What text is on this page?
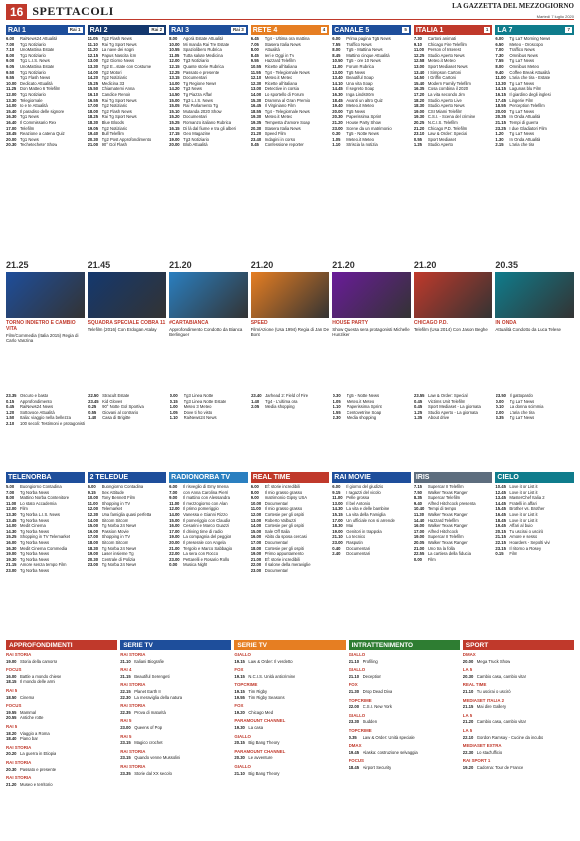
16 SPETTACOLI	LA GAZZETTA DEL MEZZOGIORNO
Martedì 7 luglio 2020
RAI 1	Rai 1
6.00	RaiNews24 Attualità
7.00	Tg1 Notiziario
7.10	UnoMattina Estate
8.00	Tg1 Notiziario
9.00	Tg1 L.I.S. News
9.05	UnoMattina Estate
9.50	Tg1 Notiziario
9.55	Tg1 Flash News
10.00 Dedicato Attualità
11.25 Don Matteo 6 Telefilm
12.00 Tg1 Notiziario
13.30 Telegiornale
14.00 Io e te Attualità
15.40 Il paradiso delle signore
16.30 Tg1 News
16.40 Il Commissario Rex
17.00 Telefilm
18.45 Reazione a catena Quiz
20.00 Tg1 News
20.30 Techetechete' Show
RAI 2	Rai 2
11.05 Tg2 Flash News
11.10 Rai Tg Sport News
11.20 La nave dei sogni
12.15 Papus Nascita lcm
13.00 Tg2 Giorno News
13.30 Tg2 E...state con Costume
14.00 Tg2 Motori
14.20 Tg2 Notiziario
15.25 Medicina 33
15.50 Chiamatemi Anna
16.10 Candice Renoir
16.55 Rai Tg Sport News
17.00 Tg2 Notiziario
18.00 Tg2 Flash News
18.25 Rai Tg Sport News
18.30 Blue Bloods
19.05 Tg2 Notiziario
19.40 Bull Telefilm
20.30 Tg2 Post Approfondimento
21.00 90° Gol Flash
RAI 3	Rai 3
8.00	Agorà Estate Attualità
10.00 Mi manda Rai Tre Estate
10.55 Spaziolibero Rubrica
11.05 Tutta salute Medicina
12.00 Tg3 Notiziario
12.15 Quante storie Rubrica
12.25 Passato e presente
13.15 Documentari
14.00 Tg Regione News
14.20 Tg3 News
14.50 Tg Piazza Affari
15.00 Tg3 L.I.S. News
15.05 Rai Parlamento Tg
15.10 Mutanda 2020 Show
15.20 Documentari
15.25 Romanzo italiano Rubrica
16.15 Di là dal fiume e tra gli alberi
17.15 Geo Magazine
19.00 Tg3 Notiziario
20.00 Blob Attualità
RETE 4	4
6.45	Tg4 - Ultima ora mattina
7.05	Stasera Italia News
8.00	Attualità
8.45	Ieri e Oggi in Tv
9.55	Hazzard Telefilm
10.55 Ricette all'italiana
11.55 Tg4 - Telegiornale News
12.10 Meteo.it Meteo
12.30 Ricette all'italiana
13.00 Detective in corsia
14.00 Lo sportello di Forum
15.30 Dramma al Gran Premio
16.45 Il Virginiano Film
18.55 Tg4 - Telegiornale News
19.30 Meteo.it Meteo
19.35 Tempesta d'amore Soap
20.30 Stasera Italia News
21.20 Speed Film
23.40 Indagini in corso
0.45	Confessione reporter
CANALE 5	5
6.00	Prima pagina Tg5 News
7.55	Traffico News
8.00	Tg5 - Mattina News
8.45	Mattino cinque Attualità
10.50 Tg5 - ore 10 News
11.00 Forum Rubrica
13.00 Tg5 News
13.40 Beautiful Soap
14.10 Una vita Soap
14.45 Il segreto Soap
16.30 Inga Lindström
18.45 Avanti un altro Quiz
19.40 Meteo.it Meteo
20.00 Tg5 News
20.30 Paperissima Sprint
21.20 House Party Show
23.00 Scene da un matrimonio
0.30	Tg5 - Notte News
1.05	Meteo.it Meteo
1.10	Striscia la notizia
ITALIA 1	1
7.30	Cartoni animati
9.10	Chicago Fire Telefilm
11.00 Person of Interest
12.25 Studio Aperto News
12.58 Meteo.it Meteo
13.00 Sport Mediaset News
13.40 I Simpson Cartoni
14.50 I Griffin Cartoni
15.40 Modern Family Telefilm
16.35 Cosa combina il 2020
17.20 La vita secondo Jim
18.20 Studio Aperto Live
18.30 Studio Aperto News
19.00 CSI Miami Telefilm
19.30 C.S.I. - Scena del crimine
20.25 N.C.I.S. Telefilm
21.20 Chicago P.D. Telefilm
23.10 Law & Order: Special
0.55	Sport Mediaset
1.25	Studio Aperto
LA 7	7
6.00	Tg La7 Morning News
6.50	Meteo - Oroscopo
7.00	Traffico News
7.30	Omnibus News
7.55	Tg La7 News
8.00	Omnibus Meteo
9.40	Coffee Break Attualità
11.00 L'aria che tira - Estate
13.30 Tg La7 News
14.15 Lagunas blu Film
16.15 Il giardino degli inglesi
17.45 Lingerie Film
18.55 Perception Telefilm
20.00 Tg La7 News
20.35 In Onda Attualità
21.15 Tempi di guerra
23.25 I due Gladiatori Film
1.20	Tg La7 News
1.30	In Onda Attualità
2.15	L'aria che tira
21.25
TORNO INDIETRO E CAMBIO VITA
Film/Commedia (Italia 2015) Regia di Carlo Vanzina
21.45
SQUADRA SPECIALE COBRA 11
Telefilm (2016) Con Erdogan Atalay
21.20
#CARTABIANCA
Approfondimento Condotto da Bianca Berlinguer
21.20
SPEED
Film/Azione (Usa 1994) Regia di Jan De Bont
21.20
HOUSE PARTY
Show Questa sera protagonisti Michelle Hunziker
21.20
CHICAGO P.D.
Telefilm (Usa 2014) Con Jason Beghe
20.35
IN ONDA
Attualità Condotto da Luca Telese
23.35 Oscuro e basta
0.15	Approfondimento
0.45	RaiNews24 News
1.20	Sottovoce Attualità
1.50	Italia: viaggio nella bellezza
2.10	100 secoli: Testimoni e protagonisti
22.50 Stracult Estate
23.45 Kid Gloves
0.25	90° Notte Gol Sportiva
0.55	Giovani al contrario
1.40	Casa di Brigitte
0.00	Tg3 Linea Notte
0.15	Tg3 Linea Notte Estate
1.00	Meteo 3 Meteo
1.05	Dove ti ho visto
1.10	RaiNews24 News
23.40 Jarhead 2: Field of Fire
1.40	Tg4 - L'ultima ora
2.05	Media shopping
0.30	Tg5 - Notte News
1.05	Meteo.it Meteo
1.10	Paperissima Sprint
1.55	Centovetrine Soap
2.30	Media shopping
23.55 Law & Order: Special
0.45	Victims Unit Telefilm
0.45	Sport Mediaset - La giornata
1.25	Studio Aperto - La giornata
1.35	About drive
23.50 Il gattopardo
0.00	Tg La7 News
0.10	La donna scimmia
2.00	L'aria che tira
3.35	Tg La7 News
TELENORBA
5.00	Buongiorno Contadina
7.00	Tg Norba News
8.00	Mattino Norba Contenitore
11.00 Lo stato Accademia
12.00 Film
13.30 Tg Norba L.I.S. News
13.45 Tg Norba News
14.00 Medit Cinema
14.30 Tg Norba News
15.25 Shopping in TV Telemarket
16.00 Tg Norba News
16.30 Medit Cinema Commedia
19.00 Tg Norba News
19.30 Tg Norba News
21.15 Amore senza tempo Film
23.00 Tg Norba News
2 TELEDUE
6.00	Buongiorno Contadina
9.15	Sex Attitude
10.00 Tony Bennett Film
11.00 Shopping in TV
12.00 Telemarket
12.30 Una famiglia quasi perfetta
14.00 Sitcom Sitcom
15.00 Tg Norba 24 News
16.00 Passion Movie
17.00 Shopping in TV
18.00 Sitcom Sitcom
18.30 Tg Norba 24 News
19.00 Laser insieme Tg
20.30 Centrale di Polizia
23.00 Tg Norba 24 News
RADIONORBA TV
6.00	Il risveglio di Emy Imena
7.00	con Anna Carolina Pierri
9.00	Il mattino con Alessandra
11.00 Il mezzogiorno con Alan
12.00 Il primo pomeriggio
14.00 Vanessa e Gianni Rizzo
15.00 Il pomeriggio con Claudia
16.00 Cesarini e Marco Guazzi
17.00 Il driving time di radio
19.00 La compagnia del peggior
20.00 Il preserale con Angela
21.00 Tergolo e Marco Sabbagio
22.00 La sera con Rocco
23.00 Pettarelli e Rosario Rollo
0.00	Musica Night
REAL TIME
6.00	Ef: storie incredibili
8.00	Il mio grasso grasso
9.00	matrimonio Gipsy USA
10.00 Documentari
11.00 Il mio grasso grasso
12.00 Cortesie per gli ospiti
13.00 Roberto Valbuzzi
14.00 Cortesie per gli ospiti
15.00 Sale Off Italia
16.00 Abito da sposa cercasi
17.00 Documentari
18.00 Cortesie per gli ospiti
19.00 Primo appuntamento
21.00 Ef: storie incredibili
22.00 Il salone della meraviglie
23.00 Documentari
RAI MOVIE
6.00	Il giorno del giudizio
9.15	I ragazzi del vicolo
11.00 Pelle grossa
13.00 Il bel Antonio
14.30 La vita e delle bambine
15.15 La vita della Famiglia
17.00 Un ufficiale non si arrende
18.30 Mai
19.00 Genitori in trappola
21.10 Lo tecnico
23.00 Rasputin
0.40	Documentari
2.40	Documentari
IRIS
7.15	Supercar II Telefilm
7.50	Walker Texas Ranger
8.35	Supercar Telefilm
9.40	Alfred Hitchcock presenta
10.40 Tempi di tempo
11.30 Walker Texas Ranger
14.40 Hazzard Telefilm
16.00 Walker Texas Ranger
17.00 Alfred Hitchcock
19.00 Supercar II Telefilm
20.05 Walker Texas Ranger
21.00 Uno tra la folla
22.55 La cartiera della fiducia
0.00	Film
CIELO
10.45 Love it or List it
12.45 Love it or List it
13.45 MasterChef Italia 2
14.45 Fratelli in affari
15.45 Brother vs. Brother
16.45 Love it or List it
18.45 Love it or List it
19.45 Affari al buio
20.15 Tu uscirai o uscirò
21.15 Amore e sesso
22.15 Hoarders - Sepolti vivi
23.15 Il ritorno a Rosey
0.15	Film
APPROFONDIMENTI
RAI STORIA
19.00 Storia della camorra
FOCUS
16.00 Battle a mondo chiese
18.15 Il mondo delle armi
RAI 5
18.50 Cinema
FOCUS
19.55 Mammal
20.55 Antiche rotte
RAI 5
18.20 Viaggio a Roma
18.40 Piano bar
RAI STORIA
20.20 La guerra in Etiopia
RAI STORIA
20.30 Passato e presente
RAI STORIA
21.20 Museo e territorio
SERIE TV
RAI STORIA
21.10 Italiani Biografie
RAI 4
21.15 Beautiful Serengeti
RAI STORIA
22.15 Planet Earth II
22.30 La meraviglia della natura
RAI STORIA
22.35 Prova di maturità
RAI 5
23.00 Queens of Pop
RAI 5
23.15 Magico crochet
RAI STORIA
23.15 Quando venne Mussolini
RAI STORIA
23.35 Storie dal XX secolo
SERIE TV
GIALLO
19.15 Law & Order: Il verdetto
FOX
19.15 N.C.I.S. Unità anticrimine
TOPCRIME
19.15 Tim Rigby
19.55 Tim Rigby Seasons
FOX
19.20 Chicago Med
PARAMOUNT CHANNEL
19.30 La casa
GIALLO
20.15 Big Bang Theory
PARAMOUNT CHANNEL
20.30 Le avventure
GIALLO
21.10 Big Bang Theory
INTRATTENIMENTO
GIALLO
21.10 Profiling
GIALLO
21.10 Deception
FOX
21.30 Drop Dead Diva
TOPCRIME
22.00 C.S.I. New York
GIALLO
23.30 Sudden
TOPCRIME
0.35	Law & Order: Unità speciale
DMAX
19.45 Alaska: costruzione selvaggia
FOCUS
18.45 Airport Security
SPORT
DMAX
20.00 Mega Truck Show
LA 5
20.30 Cambio casa, cambio vita!
REAL TIME
21.10 Tu uscirai o uscirò
MEDIASET ITALIA 2
21.15 Mai dire Gallery
LA 5
21.20 Cambio casa, cambio vita!
LA 5
22.10 Gordon Ramsay - Cucine da incubo
MEDIASET EXTRA
22.30 Lo stad'ufficio
RAI SPORT 1
19.20 Cadorna: Tour de France
